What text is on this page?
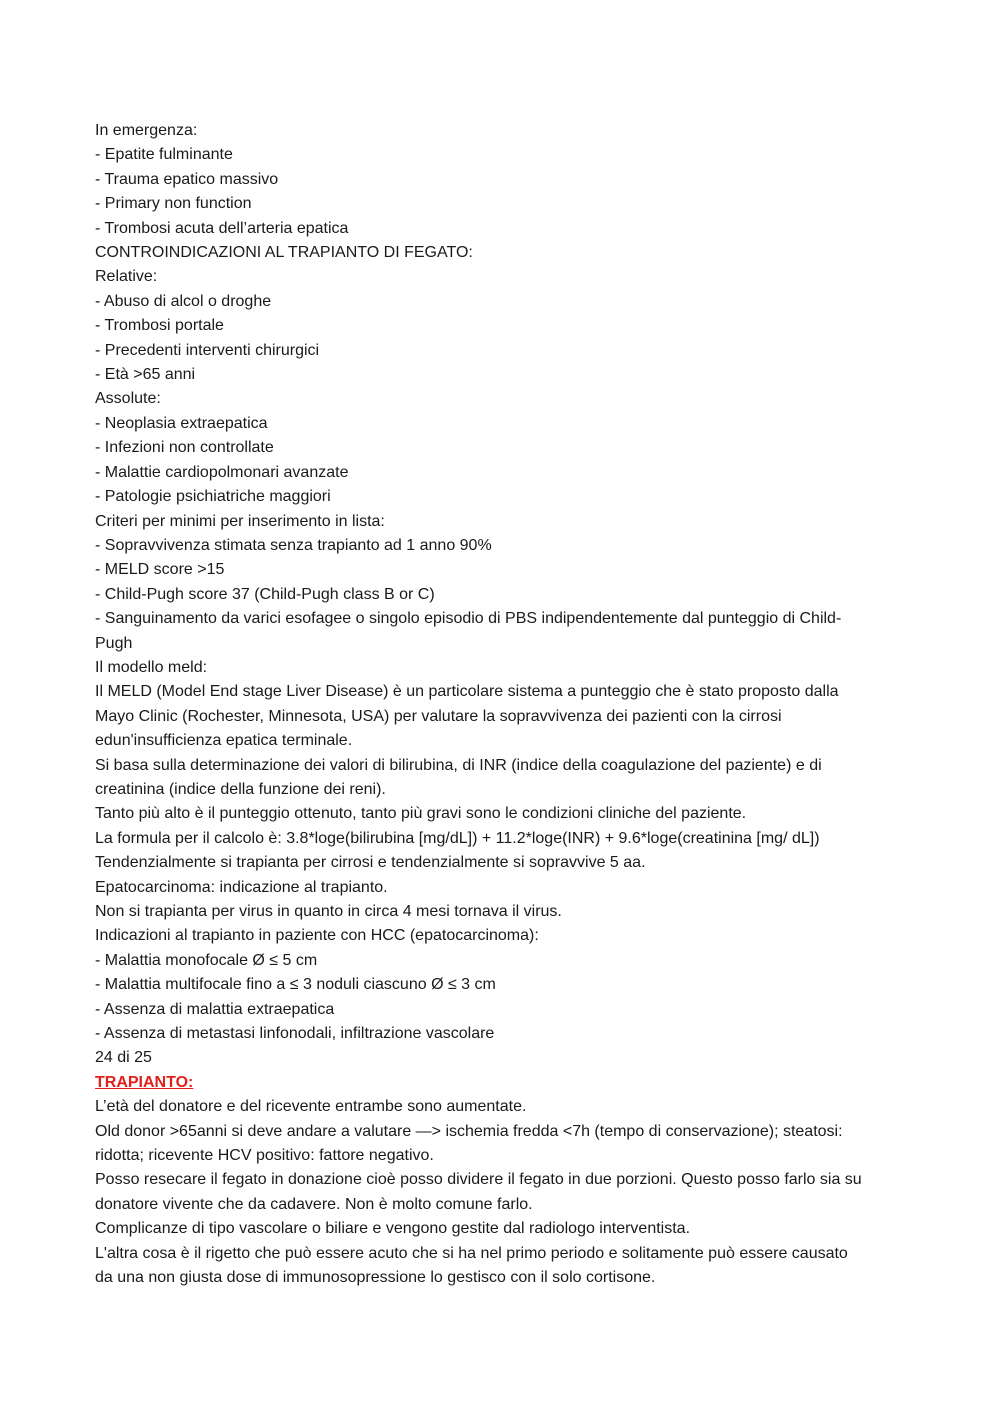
In emergenza:
- Epatite fulminante
- Trauma epatico massivo
- Primary non function
- Trombosi acuta dell’arteria epatica
CONTROINDICAZIONI AL TRAPIANTO DI FEGATO:
Relative:
- Abuso di alcol o droghe
- Trombosi portale
- Precedenti interventi chirurgici
- Età >65 anni
Assolute:
- Neoplasia extraepatica
- Infezioni non controllate
- Malattie cardiopolmonari avanzate
- Patologie psichiatriche maggiori
Criteri per minimi per inserimento in lista:
- Sopravvivenza stimata senza trapianto ad 1 anno 90%
- MELD score >15
- Child-Pugh score 37 (Child-Pugh class B or C)
- Sanguinamento da varici esofagee o singolo episodio di PBS indipendentemente dal punteggio di Child-Pugh
Il modello meld:
Il MELD (Model End stage Liver Disease) è un particolare sistema a punteggio che è stato proposto dalla Mayo Clinic (Rochester, Minnesota, USA) per valutare la sopravvivenza dei pazienti con la cirrosi edun'insufficienza epatica terminale.
Si basa sulla determinazione dei valori di bilirubina, di INR (indice della coagulazione del paziente) e di creatinina (indice della funzione dei reni).
Tanto più alto è il punteggio ottenuto, tanto più gravi sono le condizioni cliniche del paziente.
La formula per il calcolo è: 3.8*loge(bilirubina [mg/dL]) + 11.2*loge(INR) + 9.6*loge(creatinina [mg/ dL])
Tendenzialmente si trapianta per cirrosi e tendenzialmente si sopravvive 5 aa.
Epatocarcinoma: indicazione al trapianto.
Non si trapianta per virus in quanto in circa 4 mesi tornava il virus.
Indicazioni al trapianto in paziente con HCC (epatocarcinoma):
- Malattia monofocale Ø ≤ 5 cm
- Malattia multifocale fino a ≤ 3 noduli ciascuno Ø ≤ 3 cm
- Assenza di malattia extraepatica
- Assenza di metastasi linfonodali, infiltrazione vascolare
24 di 25
TRAPIANTO:
L’età del donatore e del ricevente entrambe sono aumentate.
Old donor >65anni si deve andare a valutare —> ischemia fredda <7h (tempo di conservazione); steatosi: ridotta; ricevente HCV positivo: fattore negativo.
Posso resecare il fegato in donazione cioè posso dividere il fegato in due porzioni. Questo posso farlo sia su donatore vivente che da cadavere. Non è molto comune farlo.
Complicanze di tipo vascolare o biliare e vengono gestite dal radiologo interventista.
L'altra cosa è il rigetto che può essere acuto che si ha nel primo periodo e solitamente può essere causato da una non giusta dose di immunosopressione lo gestisco con il solo cortisone.
